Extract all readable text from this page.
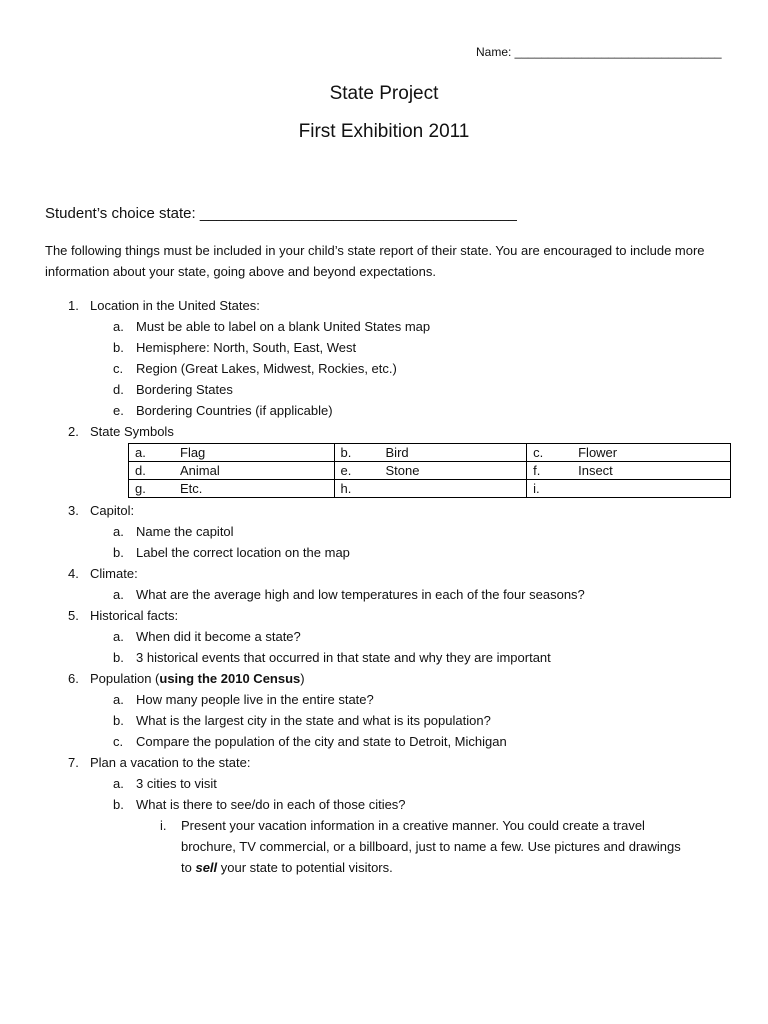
Name: _______________________________
State Project
First Exhibition 2011
Student’s choice state: ______________________________________
The following things must be included in your child’s state report of their state. You are encouraged to include more information about your state, going above and beyond expectations.
1. Location in the United States:
a. Must be able to label on a blank United States map
b. Hemisphere: North, South, East, West
c. Region (Great Lakes, Midwest, Rockies, etc.)
d. Bordering States
e. Bordering Countries (if applicable)
2. State Symbols
a. Flag	b. Bird	c. Flower
d. Animal	e. Stone	f. Insect
g. Etc.	h.	i.
3. Capitol:
a. Name the capitol
b. Label the correct location on the map
4. Climate:
a. What are the average high and low temperatures in each of the four seasons?
5. Historical facts:
a. When did it become a state?
b. 3 historical events that occurred in that state and why they are important
6. Population (using the 2010 Census)
a. How many people live in the entire state?
b. What is the largest city in the state and what is its population?
c. Compare the population of the city and state to Detroit, Michigan
7. Plan a vacation to the state:
a. 3 cities to visit
b. What is there to see/do in each of those cities?
i. Present your vacation information in a creative manner. You could create a travel
brochure, TV commercial, or a billboard, just to name a few. Use pictures and drawings
to sell your state to potential visitors.
